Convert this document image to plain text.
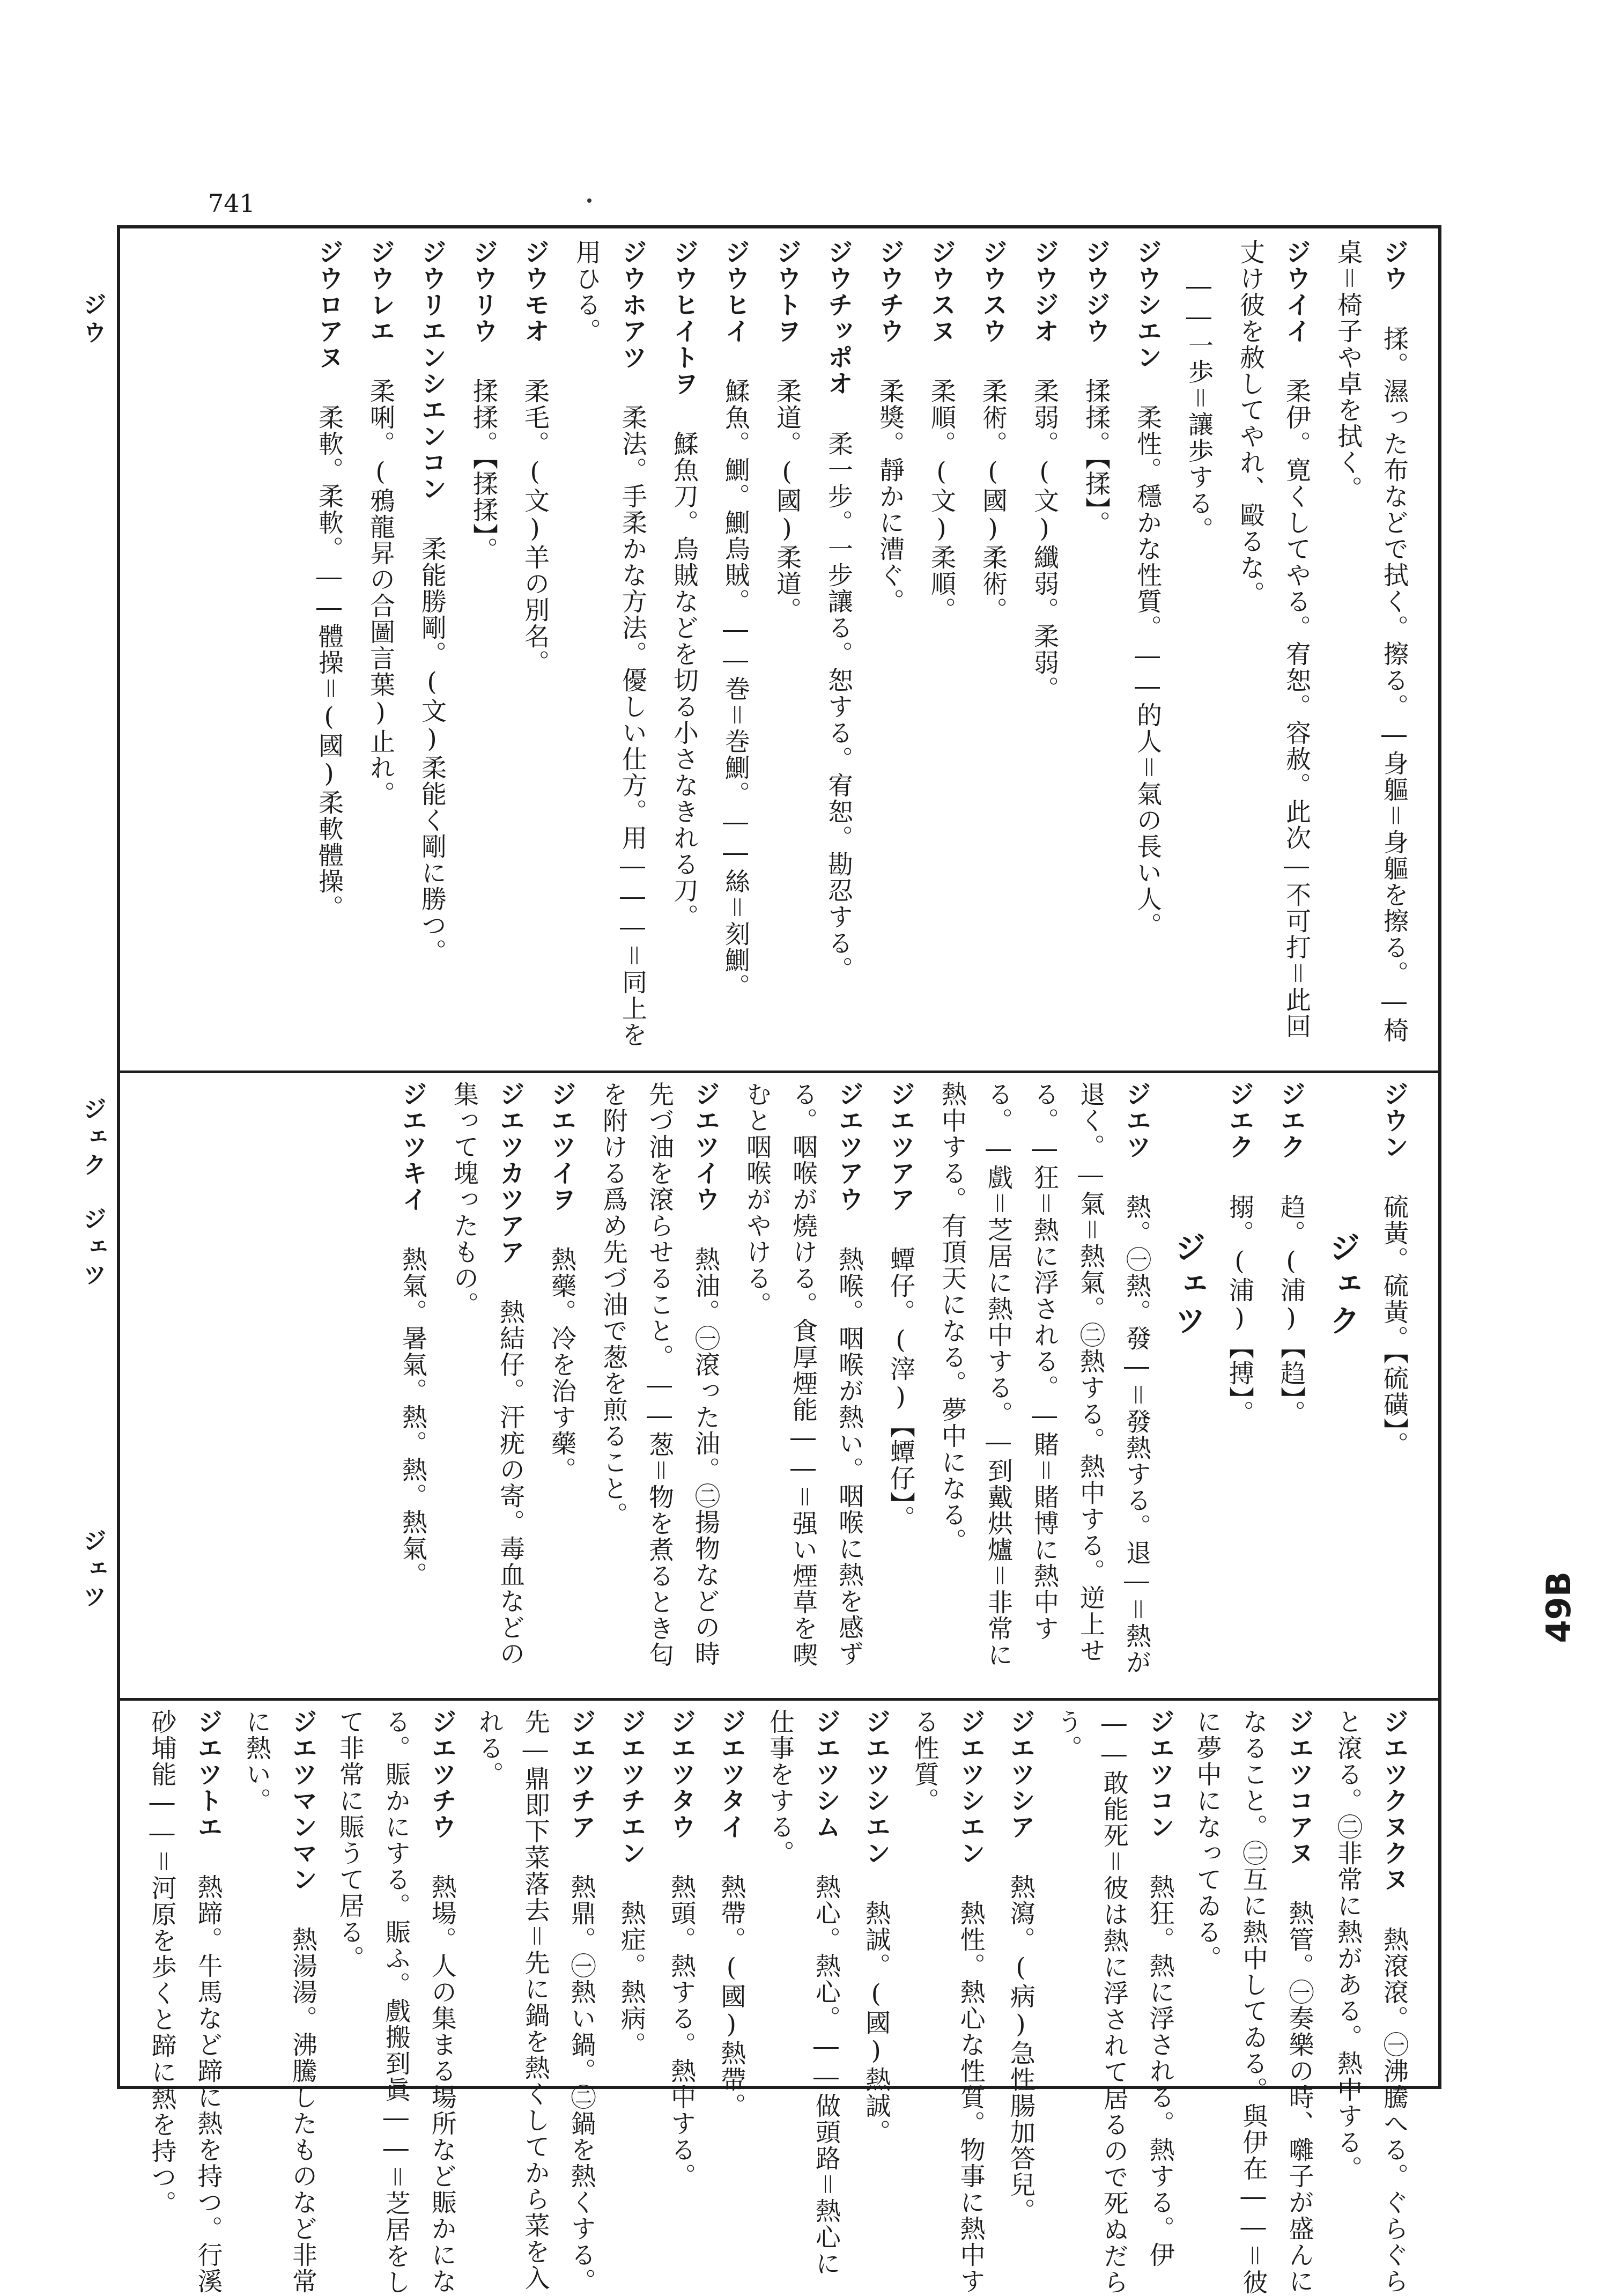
741
ジウ
ジェク
ジェツ
ジェツ
ジウ　揉。濕った布などで拭く。擦る。―身軀＝身軀を擦る。―椅桌＝椅子や卓を拭く。
ジウイイ　柔伊。寛くしてやる。宥恕。容赦。此次―不可打＝此回丈け彼を赦してやれ、毆るな。
――一歩＝讓歩する。
ジウシエン　柔性。穩かな性質。――的人＝氣の長い人。
ジウジウ　揉揉。【揉】。
ジウジオ　柔弱。(文)纖弱。柔弱。
ジウスウ　柔術。(國)柔術。
ジウスヌ　柔順。(文)柔順。
ジウチウ　柔獎。靜かに漕ぐ。
ジウチッポオ　柔一步。一步讓る。恕する。宥恕。勘忍する。
ジウトヲ　柔道。(國)柔道。
ジウヒイ　鰇魚。鰂。鰂烏賊。――巻＝巻鰂。――絲＝刻鰂。
ジウヒイトヲ　鰇魚刀。烏賊などを切る小さなきれる刀。
ジウホアツ　柔法。手柔かな方法。優しい仕方。用―――＝同上を用ひる。
ジウモオ　柔毛。(文)羊の別名。
ジウリウ　揉揉。【揉揉】。
ジウリエンシエンコン　柔能勝剛。(文)柔能く剛に勝つ。
ジウレエ　柔唎。(鴉龍昇の合圖言葉)止れ。
ジウロアヌ　柔軟。柔軟。――體操＝(國)柔軟體操。
ジウン　硫黃。硫黃。【硫磺】。
ジェク
ジエク　趋。(浦)【趋】。
ジエク　搦。(浦)【搏】。
ジェツ
ジエツ　熱。㊀熱。發―＝發熱する。退―＝熱が退く。―氣＝熱氣。㊁熱する。熱中する。逆上せる。―狂＝熱に浮される。―賭＝賭博に熱中する。―戲＝芝居に熱中する。―到戴烘爐＝非常に熱中する。有頂天になる。夢中になる。
ジエツアア　蟫仔。(滓)【蟫仔】。
ジエツアウ　熱喉。咽喉が熱い。咽喉に熱を感ずる。咽喉が燒ける。食厚煙能――＝强い煙草を喫むと咽喉がやける。
ジエツイウ　熱油。㊀滾った油。㊁揚物などの時先づ油を滾らせること。――葱＝物を煮るとき匂を附ける爲め先づ油で葱を煎ること。
ジエツイヲ　熱藥。冷を治す藥。
ジエツカツアア　熱結仔。汗疣の寄。毒血などの集って塊ったもの。
ジエツキイ　熱氣。暑氣。熱。熱。熱氣。
ジエツクヌクヌ　熱滾滾。㊀沸騰へる。ぐらぐらと滾る。㊁非常に熱がある。熱中する。
ジエツコアヌ　熱管。㊀奏樂の時、囃子が盛んになること。㊁互に熱中してゐる。與伊在――＝彼に夢中になってゐる。
ジエツコン　熱狂。熱に浮される。熱する。伊――敢能死＝彼は熱に浮されて居るので死ぬだらう。
ジエツシア　熱瀉。(病)急性腸加答兒。
ジエツシエン　熱性。熱心な性質。物事に熱中する性質。
ジエツシエン　熱誠。(國)熱誠。
ジエツシム　熱心。熱心。――做頭路＝熱心に仕事をする。
ジエツタイ　熱帶。(國)熱帶。
ジエツタウ　熱頭。熱する。熱中する。
ジエツチエン　熱症。熱病。
ジエツチア　熱鼎。㊀熱い鍋。㊁鍋を熱くする。先―鼎即下菜落去＝先に鍋を熱くしてから菜を入れる。
ジエツチウ　熱場。人の集まる場所など賑かになる。賑かにする。賑ふ。戲搬到眞――＝芝居をして非常に賑うて居る。
ジエツマンマン　熱湯湯。沸騰したものなど非常に熱い。
ジエツトエ　熱蹄。牛馬など蹄に熱を持つ。行溪砂埔能――＝河原を歩くと蹄に熱を持つ。
49B
